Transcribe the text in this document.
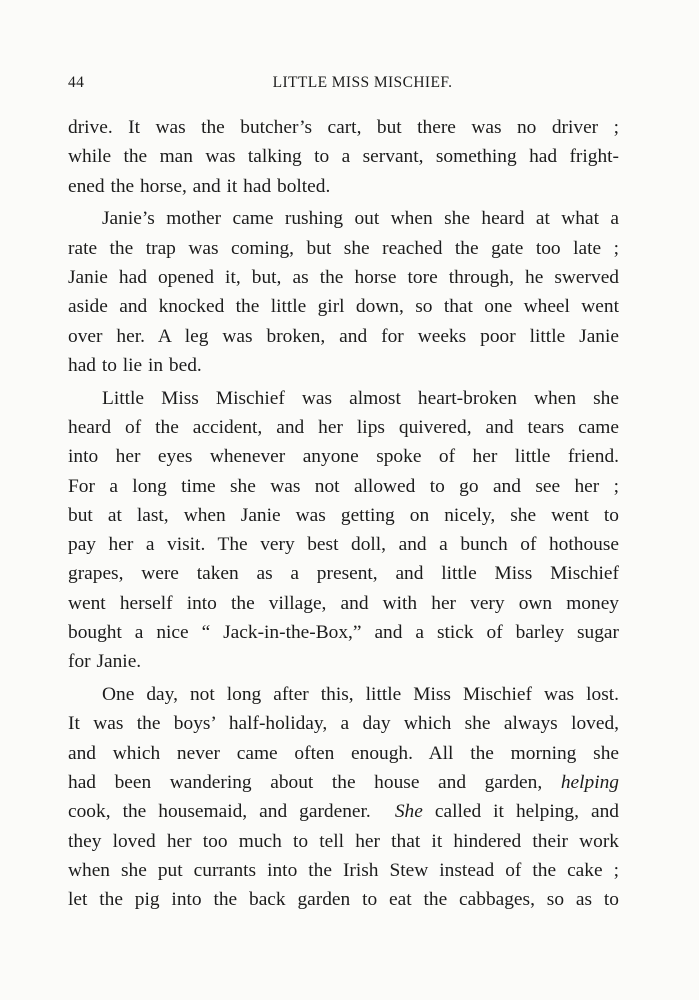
44	LITTLE MISS MISCHIEF.
drive. It was the butcher’s cart, but there was no driver ;
while the man was talking to a servant, something had fright-
ened the horse, and it had bolted.
Janie’s mother came rushing out when she heard at what a
rate the trap was coming, but she reached the gate too late ;
Janie had opened it, but, as the horse tore through, he swerved
aside and knocked the little girl down, so that one wheel went
over her. A leg was broken, and for weeks poor little Janie
had to lie in bed.
Little Miss Mischief was almost heart-broken when she
heard of the accident, and her lips quivered, and tears came
into her eyes whenever anyone spoke of her little friend.
For a long time she was not allowed to go and see her ;
but at last, when Janie was getting on nicely, she went to
pay her a visit. The very best doll, and a bunch of hothouse
grapes, were taken as a present, and little Miss Mischief
went herself into the village, and with her very own money
bought a nice “ Jack-in-the-Box,” and a stick of barley sugar
for Janie.
One day, not long after this, little Miss Mischief was lost.
It was the boys’ half-holiday, a day which she always loved,
and which never came often enough. All the morning she
had been wandering about the house and garden, helping
cook, the housemaid, and gardener. She called it helping, and
they loved her too much to tell her that it hindered their work
when she put currants into the Irish Stew instead of the cake ;
let the pig into the back garden to eat the cabbages, so as to
